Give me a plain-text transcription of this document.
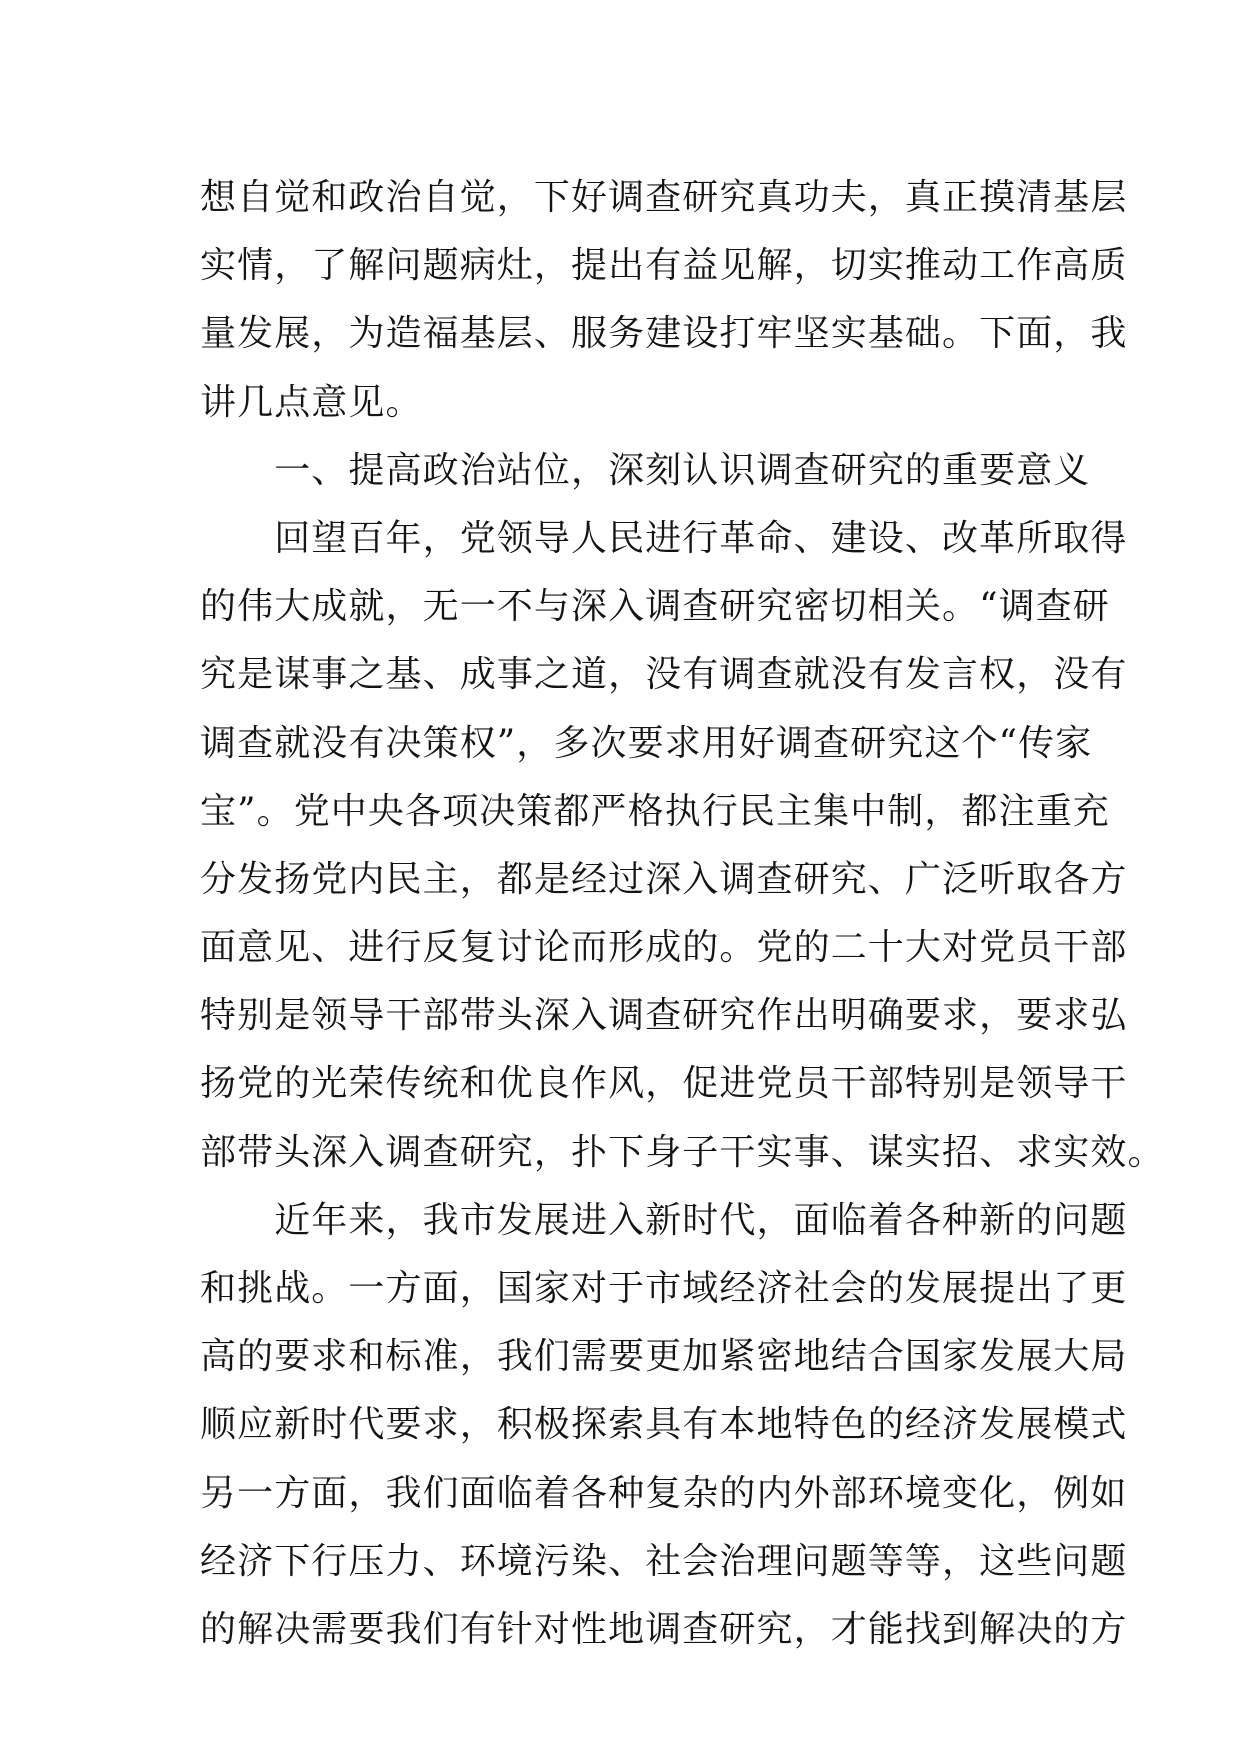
想自觉和政治自觉，下好调查研究真功夫，真正摸清基层
实情，了解问题病灶，提出有益见解，切实推动工作高质
量发展，为造福基层、服务建设打牢坚实基础。下面，我
讲几点意见。
　　一、提高政治站位，深刻认识调查研究的重要意义
　　回望百年，党领导人民进行革命、建设、改革所取得
的伟大成就，无一不与深入调查研究密切相关。“调查研
究是谋事之基、成事之道，没有调查就没有发言权，没有
调查就没有决策权”，多次要求用好调查研究这个“传家
宝”。党中央各项决策都严格执行民主集中制，都注重充
分发扬党内民主，都是经过深入调查研究、广泛听取各方
面意见、进行反复讨论而形成的。党的二十大对党员干部
特别是领导干部带头深入调查研究作出明确要求，要求弘
扬党的光荣传统和优良作风，促进党员干部特别是领导干
部带头深入调查研究，扑下身子干实事、谋实招、求实效。
　　近年来，我市发展进入新时代，面临着各种新的问题
和挑战。一方面，国家对于市域经济社会的发展提出了更
高的要求和标准，我们需要更加紧密地结合国家发展大局
顺应新时代要求，积极探索具有本地特色的经济发展模式
另一方面，我们面临着各种复杂的内外部环境变化，例如
经济下行压力、环境污染、社会治理问题等等，这些问题
的解决需要我们有针对性地调查研究，才能找到解决的方
